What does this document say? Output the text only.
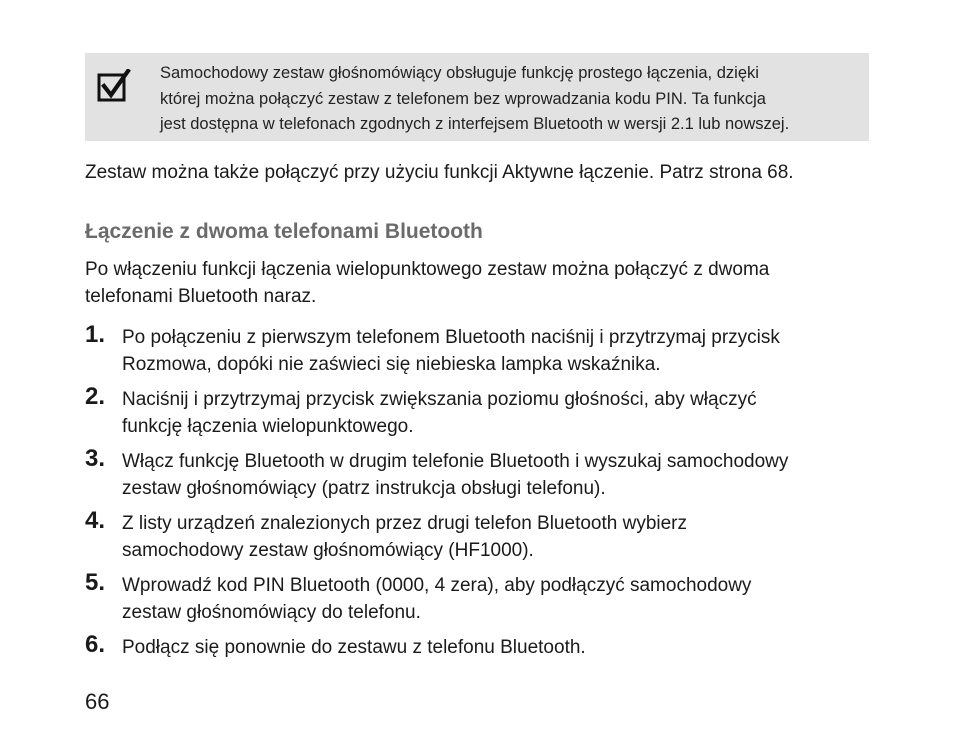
Samochodowy zestaw głośnomówiący obsługuje funkcję prostego łączenia, dzięki
której można połączyć zestaw z telefonem bez wprowadzania kodu PIN. Ta funkcja
jest dostępna w telefonach zgodnych z interfejsem Bluetooth w wersji 2.1 lub nowszej.
Zestaw można także połączyć przy użyciu funkcji Aktywne łączenie. Patrz strona 68.
Łączenie z dwoma telefonami Bluetooth
Po włączeniu funkcji łączenia wielopunktowego zestaw można połączyć z dwoma
telefonami Bluetooth naraz.
1. Po połączeniu z pierwszym telefonem Bluetooth naciśnij i przytrzymaj przycisk
Rozmowa, dopóki nie zaświeci się niebieska lampka wskaźnika.
2. Naciśnij i przytrzymaj przycisk zwiększania poziomu głośności, aby włączyć
funkcję łączenia wielopunktowego.
3. Włącz funkcję Bluetooth w drugim telefonie Bluetooth i wyszukaj samochodowy
zestaw głośnomówiący (patrz instrukcja obsługi telefonu).
4. Z listy urządzeń znalezionych przez drugi telefon Bluetooth wybierz
samochodowy zestaw głośnomówiący (HF1000).
5. Wprowadź kod PIN Bluetooth (0000, 4 zera), aby podłączyć samochodowy
zestaw głośnomówiący do telefonu.
6. Podłącz się ponownie do zestawu z telefonu Bluetooth.
66
